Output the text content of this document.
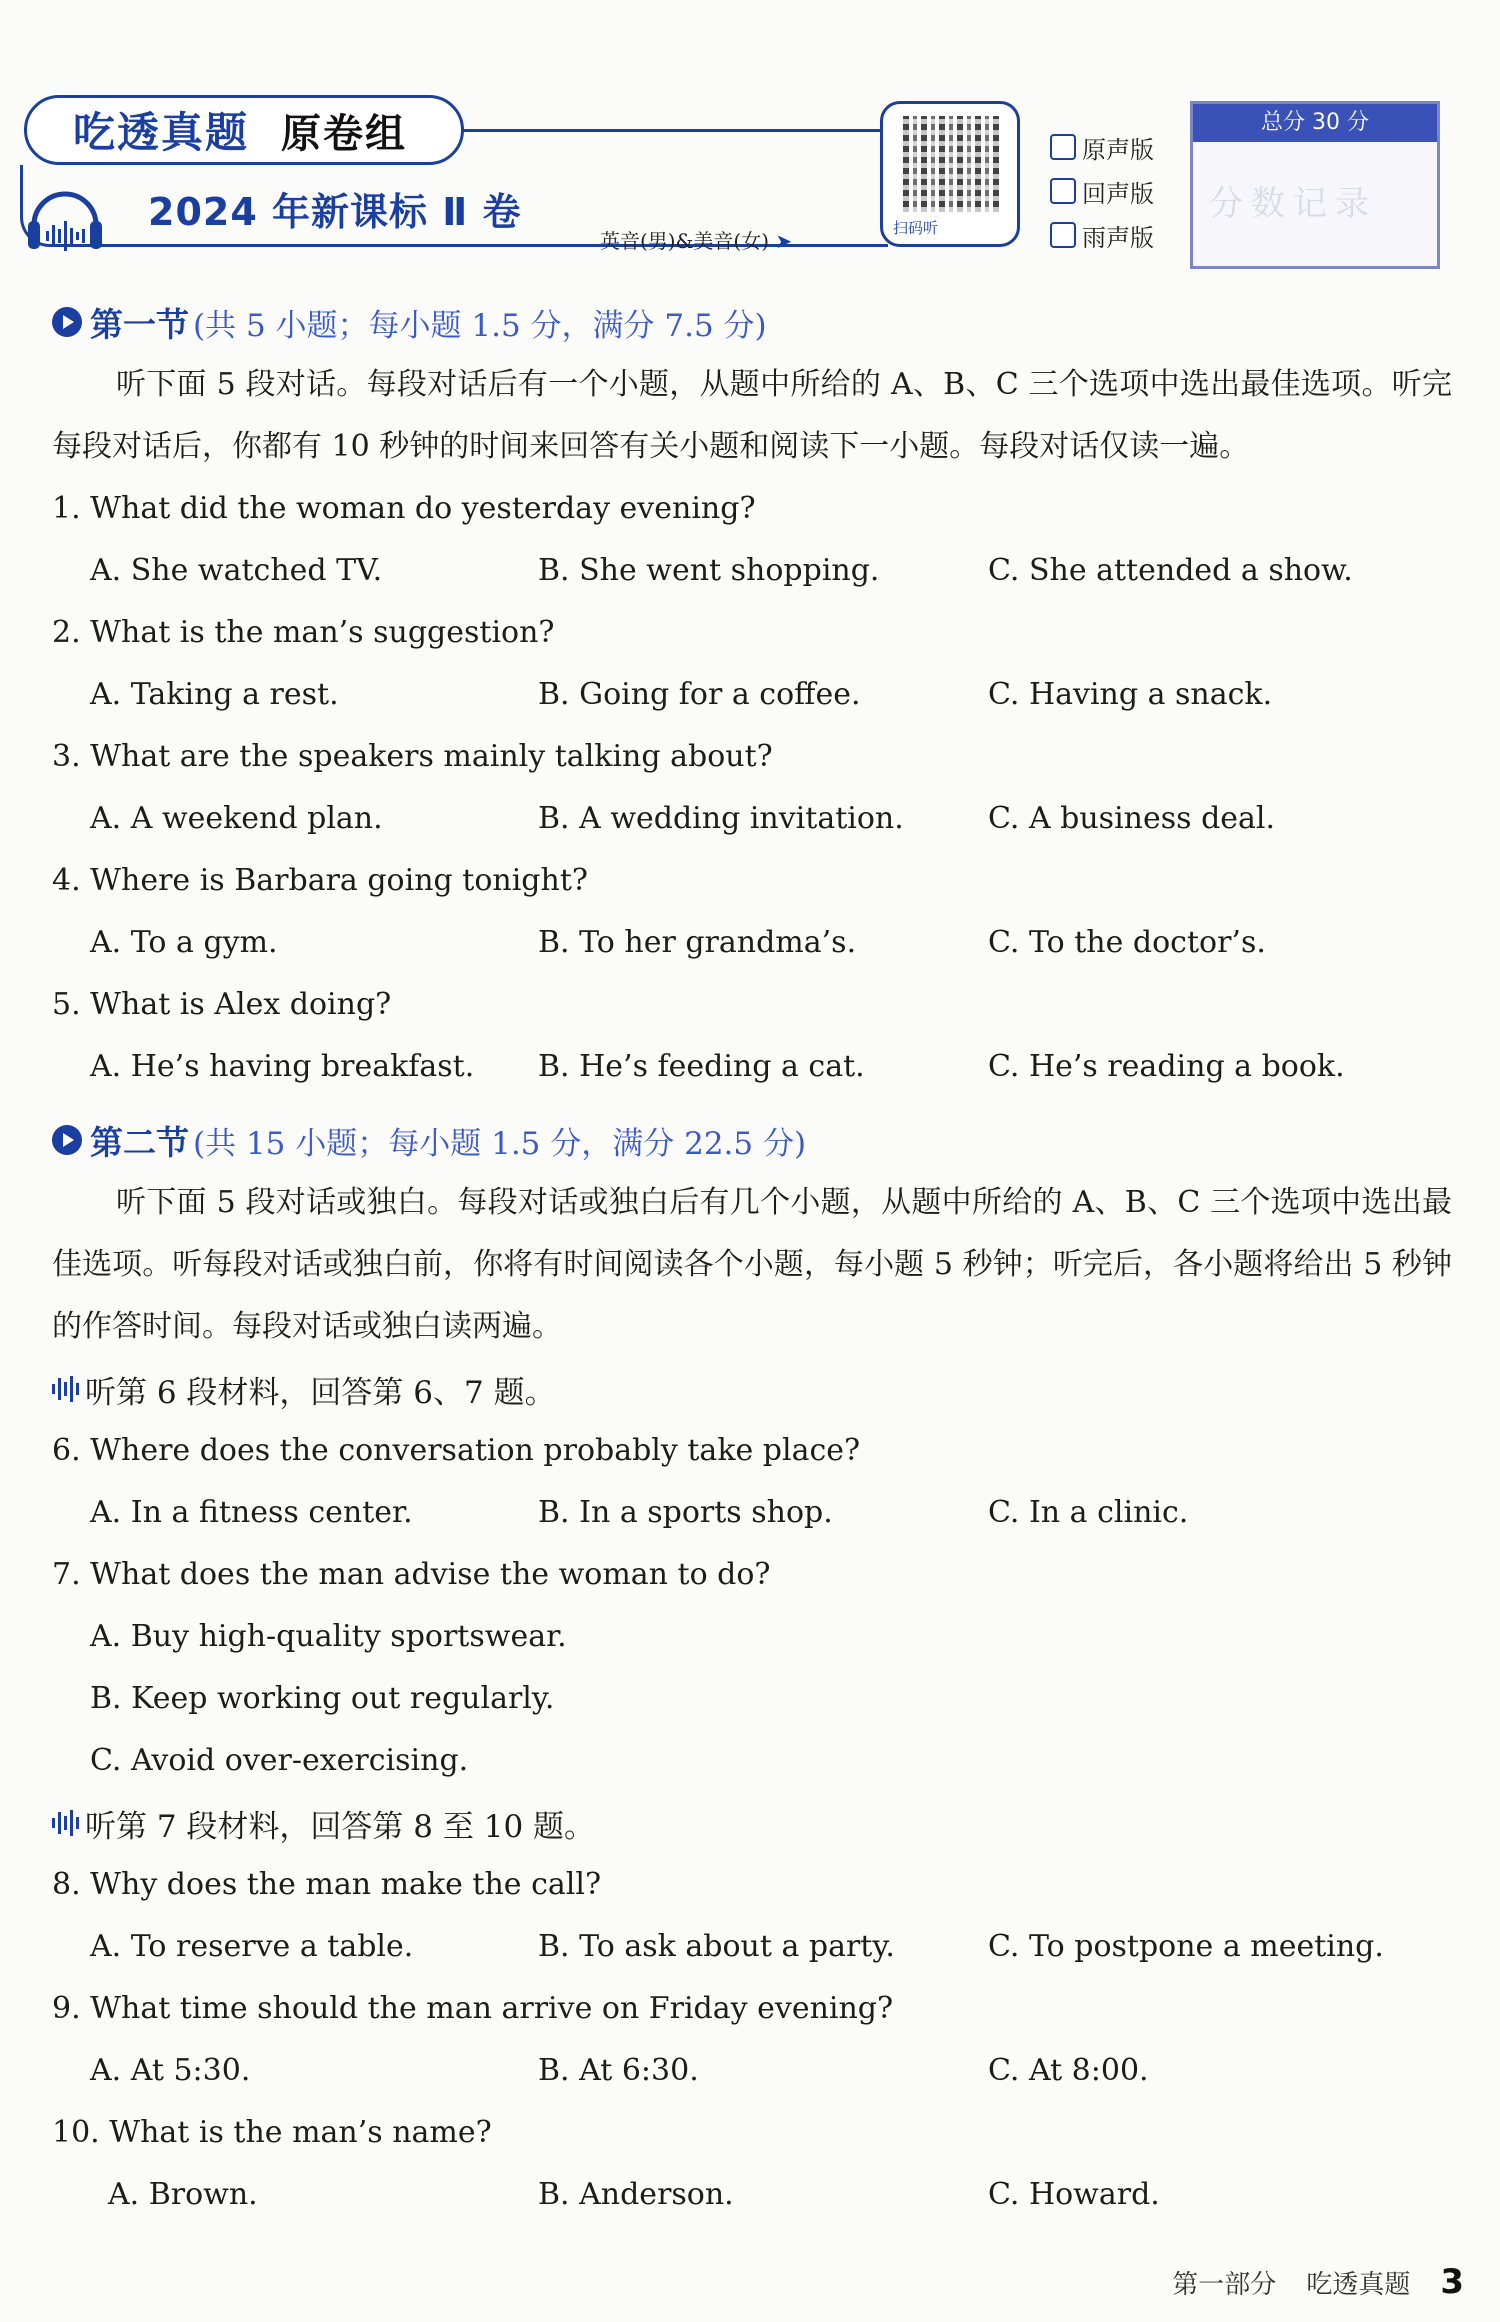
吃透真题 原卷组
2024 年新课标 Ⅱ 卷
英音(男)&美音(女) ➤
扫码听
原声版
回声版
雨声版
总分 30 分
分数记录
第一节 (共 5 小题；每小题 1.5 分，满分 7.5 分)

听下面 5 段对话。每段对话后有一个小题，从题中所给的 A、B、C 三个选项中选出最佳选项。听完每段对话后，你都有 10 秒钟的时间来回答有关小题和阅读下一小题。每段对话仅读一遍。

1. What did the woman do yesterday evening?
A. She watched TV.	B. She went shopping.	C. She attended a show.
2. What is the man’s suggestion?
A. Taking a rest.	B. Going for a coffee.	C. Having a snack.
3. What are the speakers mainly talking about?
A. A weekend plan.	B. A wedding invitation.	C. A business deal.
4. Where is Barbara going tonight?
A. To a gym.	B. To her grandma’s.	C. To the doctor’s.
5. What is Alex doing?
A. He’s having breakfast.	B. He’s feeding a cat.	C. He’s reading a book.
第二节 (共 15 小题；每小题 1.5 分，满分 22.5 分)

听下面 5 段对话或独白。每段对话或独白后有几个小题，从题中所给的 A、B、C 三个选项中选出最佳选项。听每段对话或独白前，你将有时间阅读各个小题，每小题 5 秒钟；听完后，各小题将给出 5 秒钟的作答时间。每段对话或独白读两遍。

听第 6 段材料，回答第 6、7 题。
6. Where does the conversation probably take place?
A. In a fitness center.	B. In a sports shop.	C. In a clinic.
7. What does the man advise the woman to do?
A. Buy high-quality sportswear.
B. Keep working out regularly.
C. Avoid over-exercising.
听第 7 段材料，回答第 8 至 10 题。
8. Why does the man make the call?
A. To reserve a table.	B. To ask about a party.	C. To postpone a meeting.
9. What time should the man arrive on Friday evening?
A. At 5:30.	B. At 6:30.	C. At 8:00.
10. What is the man’s name?
A. Brown.	B. Anderson.	C. Howard.
第一部分 吃透真题 3
